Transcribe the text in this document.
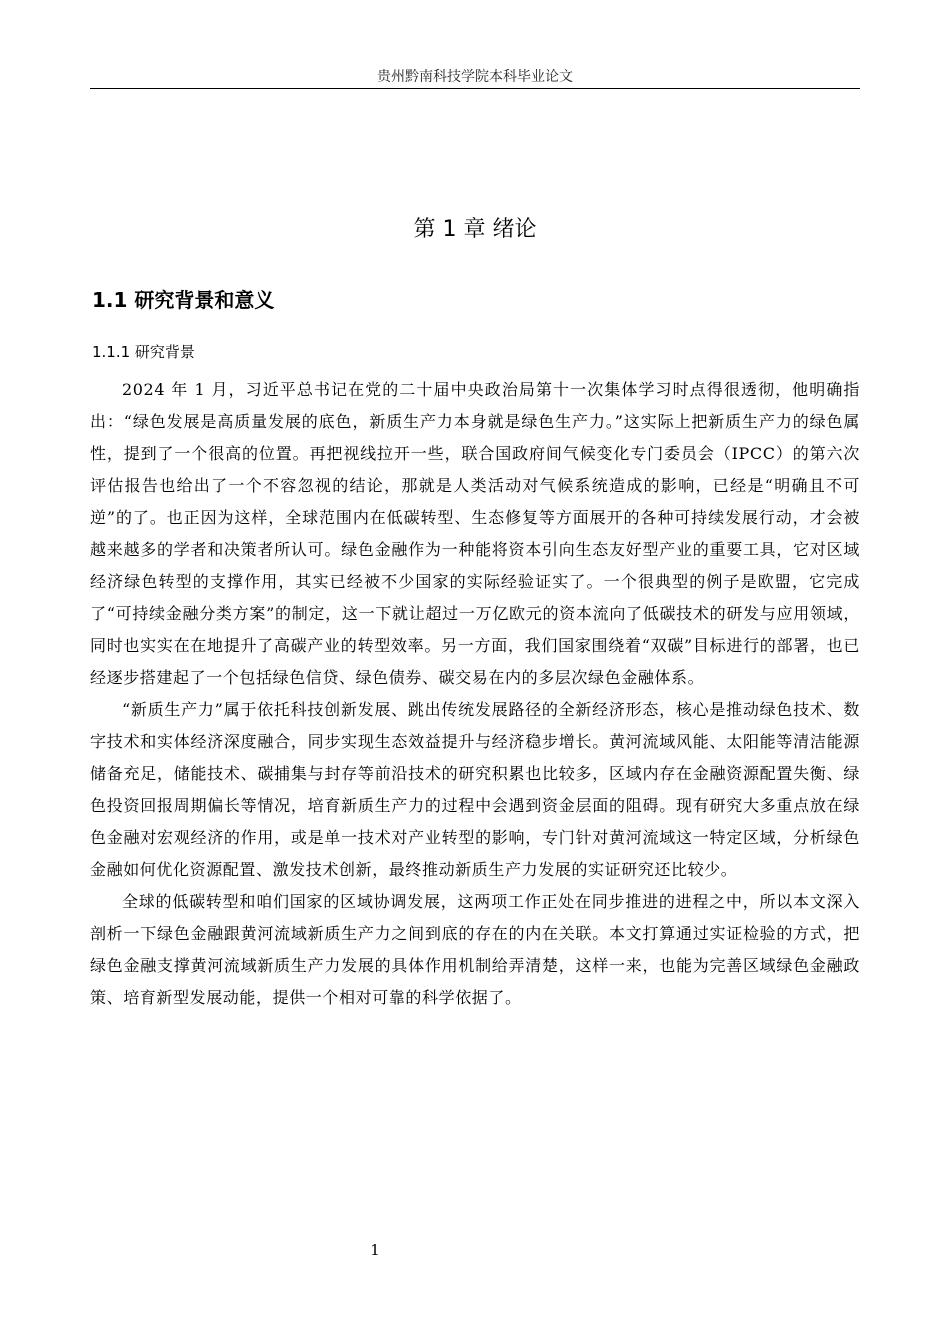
贵州黔南科技学院本科毕业论文
第 1 章 绪论
1.1 研究背景和意义
1.1.1 研究背景

2024 年 1 月，习近平总书记在党的二十届中央政治局第十一次集体学习时点得很透彻，他明确指出：“绿色发展是高质量发展的底色，新质生产力本身就是绿色生产力。”这实际上把新质生产力的绿色属性，提到了一个很高的位置。再把视线拉开一些，联合国政府间气候变化专门委员会（IPCC）的第六次评估报告也给出了一个不容忽视的结论，那就是人类活动对气候系统造成的影响，已经是“明确且不可逆”的了。也正因为这样，全球范围内在低碳转型、生态修复等方面展开的各种可持续发展行动，才会被越来越多的学者和决策者所认可。绿色金融作为一种能将资本引向生态友好型产业的重要工具，它对区域经济绿色转型的支撑作用，其实已经被不少国家的实际经验证实了。一个很典型的例子是欧盟，它完成了“可持续金融分类方案”的制定，这一下就让超过一万亿欧元的资本流向了低碳技术的研发与应用领域，同时也实实在在地提升了高碳产业的转型效率。另一方面，我们国家围绕着“双碳”目标进行的部署，也已经逐步搭建起了一个包括绿色信贷、绿色债券、碳交易在内的多层次绿色金融体系。

“新质生产力”属于依托科技创新发展、跳出传统发展路径的全新经济形态，核心是推动绿色技术、数字技术和实体经济深度融合，同步实现生态效益提升与经济稳步增长。黄河流域风能、太阳能等清洁能源储备充足，储能技术、碳捕集与封存等前沿技术的研究积累也比较多，区域内存在金融资源配置失衡、绿色投资回报周期偏长等情况，培育新质生产力的过程中会遇到资金层面的阻碍。现有研究大多重点放在绿色金融对宏观经济的作用，或是单一技术对产业转型的影响，专门针对黄河流域这一特定区域，分析绿色金融如何优化资源配置、激发技术创新，最终推动新质生产力发展的实证研究还比较少。

全球的低碳转型和咱们国家的区域协调发展，这两项工作正处在同步推进的进程之中，所以本文深入剖析一下绿色金融跟黄河流域新质生产力之间到底的存在的内在关联。本文打算通过实证检验的方式，把绿色金融支撑黄河流域新质生产力发展的具体作用机制给弄清楚，这样一来，也能为完善区域绿色金融政策、培育新型发展动能，提供一个相对可靠的科学依据了。

1
